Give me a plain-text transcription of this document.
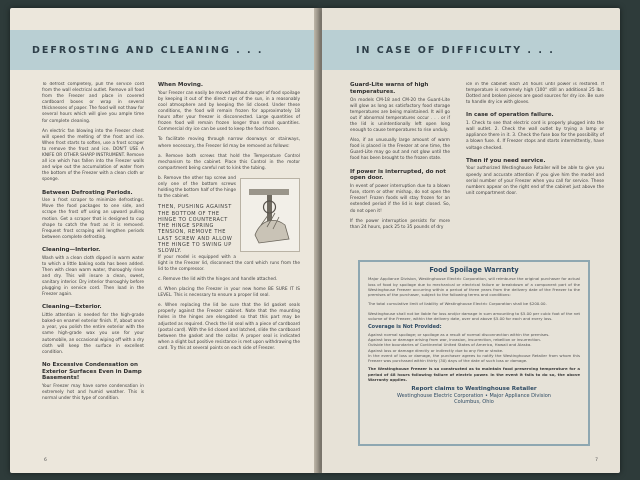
DEFROSTING AND CLEANING . . .

To defrost completely, pull the service cord from the wall electrical outlet. Remove all food from the Freezer and place in covered cardboard boxes or wrap in several thicknesses of paper. The food will not thaw for several hours which will give you ample time for complete cleaning.

An electric fan blowing into the Freezer chest will speed the melting of the frost and ice. When frost starts to soften, use a frost scraper to remove the frost and ice. DON'T USE A KNIFE OR OTHER SHARP INSTRUMENT. Remove all ice which has fallen into the Freezer walls and wipe out the accumulation of water from the bottom of the Freezer with a clean cloth or sponge.

Between Defrosting Periods.

Use a frost scraper to minimize defrostings. Move the food packages to one side, and scrape the frost off using an upward pulling motion. Get a scraper that is designed to cup shape to catch the frost as it is removed. Frequent frost scraping will lengthen periods between complete defrosting.

Cleaning—Interior.

Wash with a clean cloth dipped in warm water to which a little baking soda has been added. Then with clean warm water, thoroughly rinse and dry. This will insure a clean, sweet, sanitary interior. Dry interior thoroughly before plugging in service cord. Then load in the Freezer again.

Cleaning—Exterior.

Little attention is needed for the high-grade baked-on enamel exterior finish. If, about once a year, you polish the entire exterior with the same high-grade wax you use for your automobile, an occasional wiping off with a dry cloth will keep the surface in excellent condition.

No Excessive Condensation on Exterior Surfaces Even in Damp Basements!

Your Freezer may have some condensation in extremely hot and humid weather. This is normal under this type of condition.

When Moving.

Your Freezer can easily be moved without danger of food spoilage by keeping it out of the direct rays of the sun, in a reasonably cool atmosphere and by keeping the lid closed. Under these conditions, the food will remain frozen for approximately 18 hours after your freezer is disconnected. Large quantities of frozen food will remain frozen longer than small quantities. Commercial dry ice can be used to keep the food frozen.

To facilitate moving through narrow doorways or stairways, where necessary, the Freezer lid may be removed as follows:

a. Remove both screws that hold the Temperature Control mechanism to the cabinet. Place this Control in the motor compartment being careful not to kink the tubing.

b. Remove the other top screw and only one of the bottom screws holding the bottom half of the hinge to the cabinet.

THEN, PUSHING AGAINST THE BOTTOM OF THE HINGE TO COUNTERACT THE HINGE SPRING TENSION, REMOVE THE LAST SCREW AND ALLOW THE HINGE TO SWING UP SLOWLY.

If your model is equipped with a light in the Freezer lid, disconnect the cord which runs from the lid to the compressor.

c. Remove the lid with the hinges and handle attached.

d. When placing the Freezer in your new home BE SURE IT IS LEVEL. This is necessary to ensure a proper lid seal.

e. When replacing the lid be sure that the lid gasket seals properly against the Freezer cabinet. Note that the mounting holes in the hinges are elongated so that this part may be adjusted as required. Check the lid seal with a piece of cardboard (postal card). With the lid closed and latched, slide the cardboard between the gasket and the collar. A proper seal is indicated when a slight but positive resistance is met upon withdrawing the card. Try this at several points on each side of Freezer.

6
IN CASE OF DIFFICULTY . . .
Guard-Lite warns of high temperatures.

On models CM-18 and CM-20 the Guard-Lite will glow as long as satisfactory food storage temperatures are being maintained. It will go out if abnormal temperatures occur . . . or if the lid is unintentionally left open long enough to cause temperatures to rise unduly.

Also, if an unusually large amount of warm food is placed in the Freezer at one time, the Guard-Lite may go out and not glow until the food has been brought to the frozen state.

If power is interrupted, do not open door.

In event of power interruption due to a blown fuse, storm or other mishap, do not open the Freezer! Frozen foods will stay frozen for an extended period if the lid is kept closed. So, do not open it!

If the power interruption persists for more than 24 hours, pack 25 to 35 pounds of dry

ice in the cabinet each 24 hours until power is restored. If temperature is extremely high (100° still an additional 25 lbs. Dotted and broken pieces are good sources for dry ice. Be sure to handle dry ice with gloves.

In case of operation failure.

1. Check to see that electric cord is properly plugged into the wall outlet. 2. Check the wall outlet by trying a lamp or appliance there in it. 3. Check the fuse box for the possibility of a blown fuse. 4. If Freezer stops and starts intermittently, have voltage checked.

Then if you need service.

Your authorized Westinghouse Retailer will be able to give you speedy and accurate attention if you give him the model and serial number of your Freezer when you call for service. These numbers appear on the right end of the cabinet just above the unit compartment door.

Food Spoilage Warranty

Major Appliance Division, Westinghouse Electric Corporation, will reimburse the original purchaser for actual loss of food by spoilage due to mechanical or electrical failure or breakdown of a component part of the Westinghouse Freezer occurring within a period of three years from the delivery date of the Freezer to the premises of the purchaser, subject to the following terms and conditions:

The total cumulative limit of liability of Westinghouse Electric Corporation shall be $200.00.

Westinghouse shall not be liable for loss and/or damage in sum amounting to $5.00 per cubic foot of the net volume of the Freezer, within the delivery date, over and above $5.00 for each and every loss.

Coverage is Not Provided:

Against normal spoilage; or spoilage as a result of normal disconnection within the premises.

Against loss or damage arising from war, invasion, insurrection, rebellion or insurrection.

Outside the boundaries of Continental United States of America, Hawaii and Alaska.

Against loss or damage directly or indirectly due to any fire or stroke.

In the event of loss or damage, the purchaser agrees to notify the Westinghouse Retailer from whom this Freezer was purchased within thirty (30) days of the date of such loss or damage.

The Westinghouse Freezer is so constructed as to maintain food preserving temperature for a period of 48 hours following failure of electric power. In the event it fails to do so, the above Warranty applies.

Report claims to Westinghouse Retailer
Westinghouse Electric Corporation • Major Appliance Division
Columbus, Ohio
7
